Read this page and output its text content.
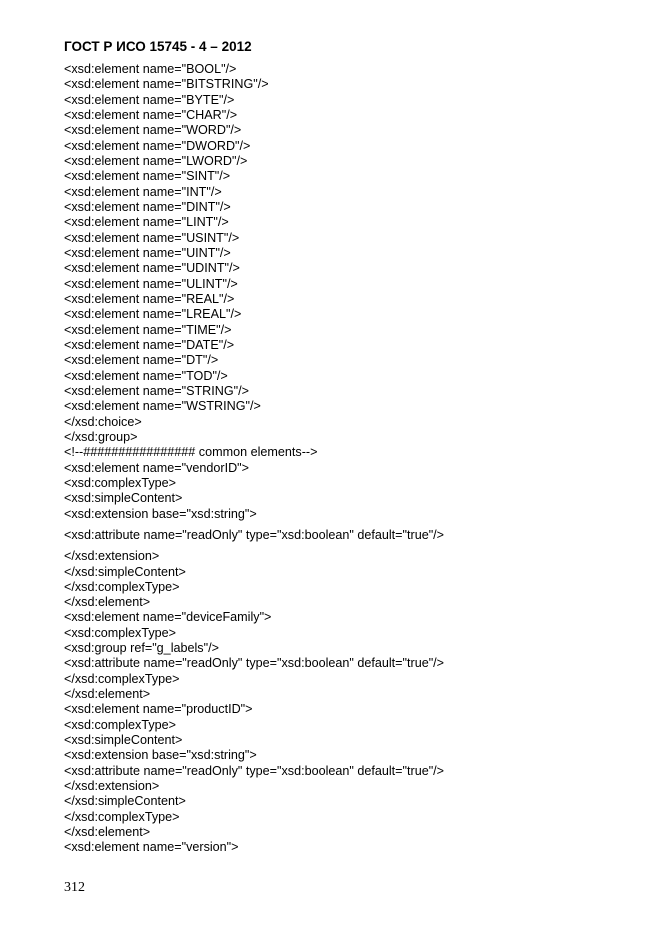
ГОСТ Р ИСО 15745 - 4 – 2012
<xsd:element name="BOOL"/>
<xsd:element name="BITSTRING"/>
<xsd:element name="BYTE"/>
<xsd:element name="CHAR"/>
<xsd:element name="WORD"/>
<xsd:element name="DWORD"/>
<xsd:element name="LWORD"/>
<xsd:element name="SINT"/>
<xsd:element name="INT"/>
<xsd:element name="DINT"/>
<xsd:element name="LINT"/>
<xsd:element name="USINT"/>
<xsd:element name="UINT"/>
<xsd:element name="UDINT"/>
<xsd:element name="ULINT"/>
<xsd:element name="REAL"/>
<xsd:element name="LREAL"/>
<xsd:element name="TIME"/>
<xsd:element name="DATE"/>
<xsd:element name="DT"/>
<xsd:element name="TOD"/>
<xsd:element name="STRING"/>
<xsd:element name="WSTRING"/>
</xsd:choice>
</xsd:group>
<!--################ common elements-->
<xsd:element name="vendorID">
<xsd:complexType>
<xsd:simpleContent>
<xsd:extension base="xsd:string">
<xsd:attribute name="readOnly" type="xsd:boolean" default="true"/>
</xsd:extension>
</xsd:simpleContent>
</xsd:complexType>
</xsd:element>
<xsd:element name="deviceFamily">
<xsd:complexType>
<xsd:group ref="g_labels"/>
<xsd:attribute name="readOnly" type="xsd:boolean" default="true"/>
</xsd:complexType>
</xsd:element>
<xsd:element name="productID">
<xsd:complexType>
<xsd:simpleContent>
<xsd:extension base="xsd:string">
<xsd:attribute name="readOnly" type="xsd:boolean" default="true"/>
</xsd:extension>
</xsd:simpleContent>
</xsd:complexType>
</xsd:element>
<xsd:element name="version">
312
